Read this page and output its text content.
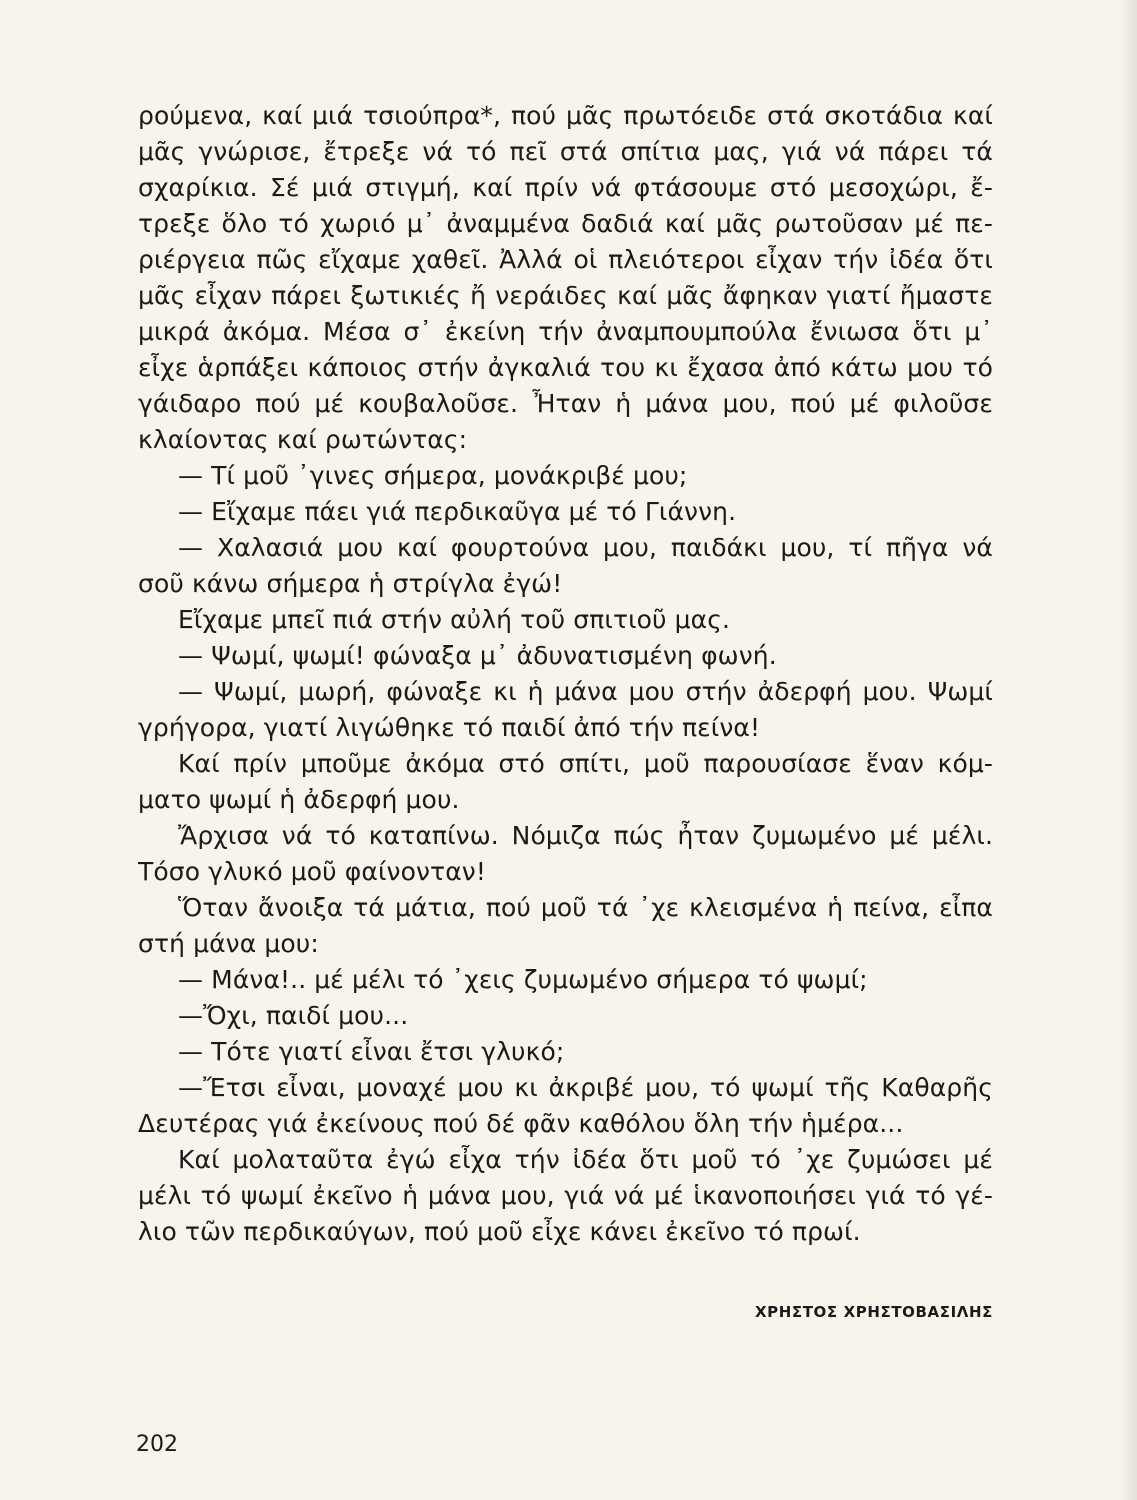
ρούμενα, καί μιά τσιούπρα*, πού μᾶς πρωτόειδε στά σκοτάδια καί
μᾶς γνώρισε, ἔτρεξε νά τό πεῖ στά σπίτια μας, γιά νά πάρει τά
σχαρίκια. Σέ μιά στιγμή, καί πρίν νά φτάσουμε στό μεσοχώρι, ἔ-
τρεξε ὅλο τό χωριό μ᾽ ἀναμμένα δαδιά καί μᾶς ρωτοῦσαν μέ πε-
ριέργεια πῶς εἴχαμε χαθεῖ. Ἀλλά οἱ πλειότεροι εἶχαν τήν ἰδέα ὅτι
μᾶς εἶχαν πάρει ξωτικιές ἤ νεράιδες καί μᾶς ἄφηκαν γιατί ἤμαστε
μικρά ἀκόμα. Μέσα σ᾽ ἐκείνη τήν ἀναμπουμπούλα ἔνιωσα ὅτι μ᾽
εἶχε ἁρπάξει κάποιος στήν ἀγκαλιά του κι ἔχασα ἀπό κάτω μου τό
γάιδαρο πού μέ κουβαλοῦσε. Ἦταν ἡ μάνα μου, πού μέ φιλοῦσε
κλαίοντας καί ρωτώντας:
— Τί μοῦ ᾽γινες σήμερα, μονάκριβέ μου;
— Εἴχαμε πάει γιά περδικαῦγα μέ τό Γιάννη.
— Χαλασιά μου καί φουρτούνα μου, παιδάκι μου, τί πῆγα νά
σοῦ κάνω σήμερα ἡ στρίγλα ἐγώ!
Εἴχαμε μπεῖ πιά στήν αὐλή τοῦ σπιτιοῦ μας.
— Ψωμί, ψωμί! φώναξα μ᾽ ἀδυνατισμένη φωνή.
— Ψωμί, μωρή, φώναξε κι ἡ μάνα μου στήν ἀδερφή μου. Ψωμί
γρήγορα, γιατί λιγώθηκε τό παιδί ἀπό τήν πείνα!
Καί πρίν μποῦμε ἀκόμα στό σπίτι, μοῦ παρουσίασε ἕναν κόμ-
ματο ψωμί ἡ ἀδερφή μου.
Ἄρχισα νά τό καταπίνω. Νόμιζα πώς ἦταν ζυμωμένο μέ μέλι.
Τόσο γλυκό μοῦ φαίνονταν!
Ὅταν ἄνοιξα τά μάτια, πού μοῦ τά ᾽χε κλεισμένα ἡ πείνα, εἶπα
στή μάνα μου:
— Μάνα!.. μέ μέλι τό ᾽χεις ζυμωμένο σήμερα τό ψωμί;
—Ὄχι, παιδί μου...
— Τότε γιατί εἶναι ἔτσι γλυκό;
—Ἔτσι εἶναι, μοναχέ μου κι ἀκριβέ μου, τό ψωμί τῆς Καθαρῆς
Δευτέρας γιά ἐκείνους πού δέ φᾶν καθόλου ὅλη τήν ἡμέρα...
Καί μολαταῦτα ἐγώ εἶχα τήν ἰδέα ὅτι μοῦ τό ᾽χε ζυμώσει μέ
μέλι τό ψωμί ἐκεῖνο ἡ μάνα μου, γιά νά μέ ἱκανοποιήσει γιά τό γέ-
λιο τῶν περδικαύγων, πού μοῦ εἶχε κάνει ἐκεῖνο τό πρωί.
ΧΡΗΣΤΟΣ ΧΡΗΣΤΟΒΑΣΙΛΗΣ
202
